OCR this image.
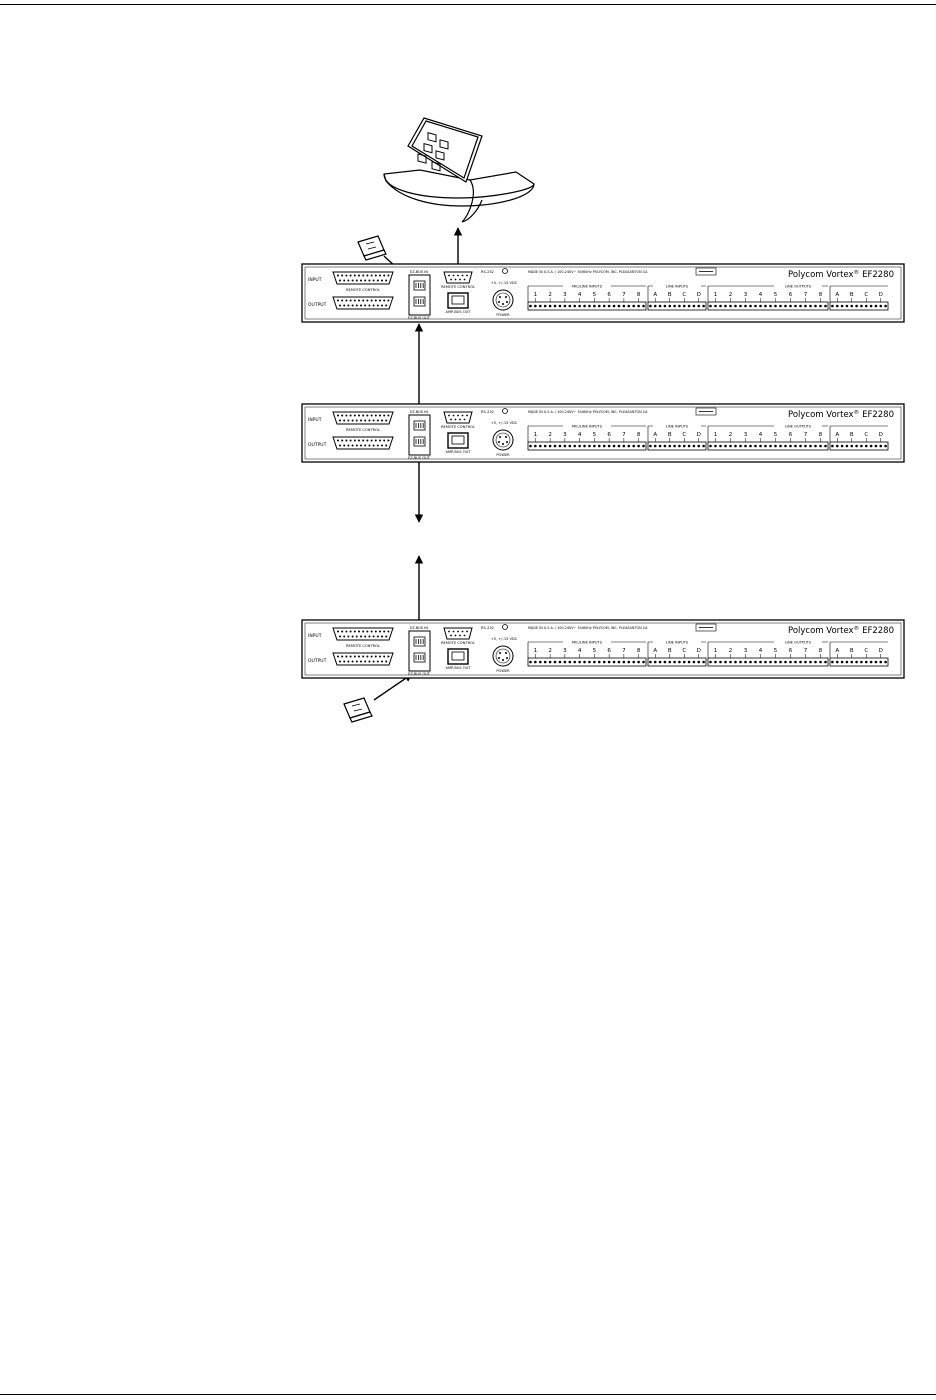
INPUT
REMOTE CONTROL
OUTPUT
EZ-BUS IN
EZ-BUS OUT
REMOTE CONTROL
AMP-BUS OUT
RS-232
+5, +/-15 VDC
POWER
MADE IN U.S.A. / 100-240V~ 50/60Hz POLYCOM, INC. PLEASANTON CA	Polycom Vortex® EF2280
MIC/LINE INPUTS
1 2 3 4 5 6 7 8
LINE INPUTS
A B C D
LINE OUTPUTS
1 2 3 4 5 6 7 8 A B C D
INPUT
REMOTE CONTROL
OUTPUT
EZ-BUS IN
EZ-BUS OUT
REMOTE CONTROL
AMP-BUS OUT
RS-232
+5, +/-15 VDC
POWER
MADE IN U.S.A. / 100-240V~ 50/60Hz POLYCOM, INC. PLEASANTON CA	Polycom Vortex® EF2280
MIC/LINE INPUTS
1 2 3 4 5 6 7 8
LINE INPUTS
A B C D
LINE OUTPUTS
1 2 3 4 5 6 7 8 A B C D
INPUT
REMOTE CONTROL
OUTPUT
EZ-BUS IN
EZ-BUS OUT
REMOTE CONTROL
AMP-BUS OUT
RS-232
+5, +/-15 VDC
POWER
MADE IN U.S.A. / 100-240V~ 50/60Hz POLYCOM, INC. PLEASANTON CA	Polycom Vortex® EF2280
MIC/LINE INPUTS
1 2 3 4 5 6 7 8
LINE INPUTS
A B C D
LINE OUTPUTS
1 2 3 4 5 6 7 8 A B C D
